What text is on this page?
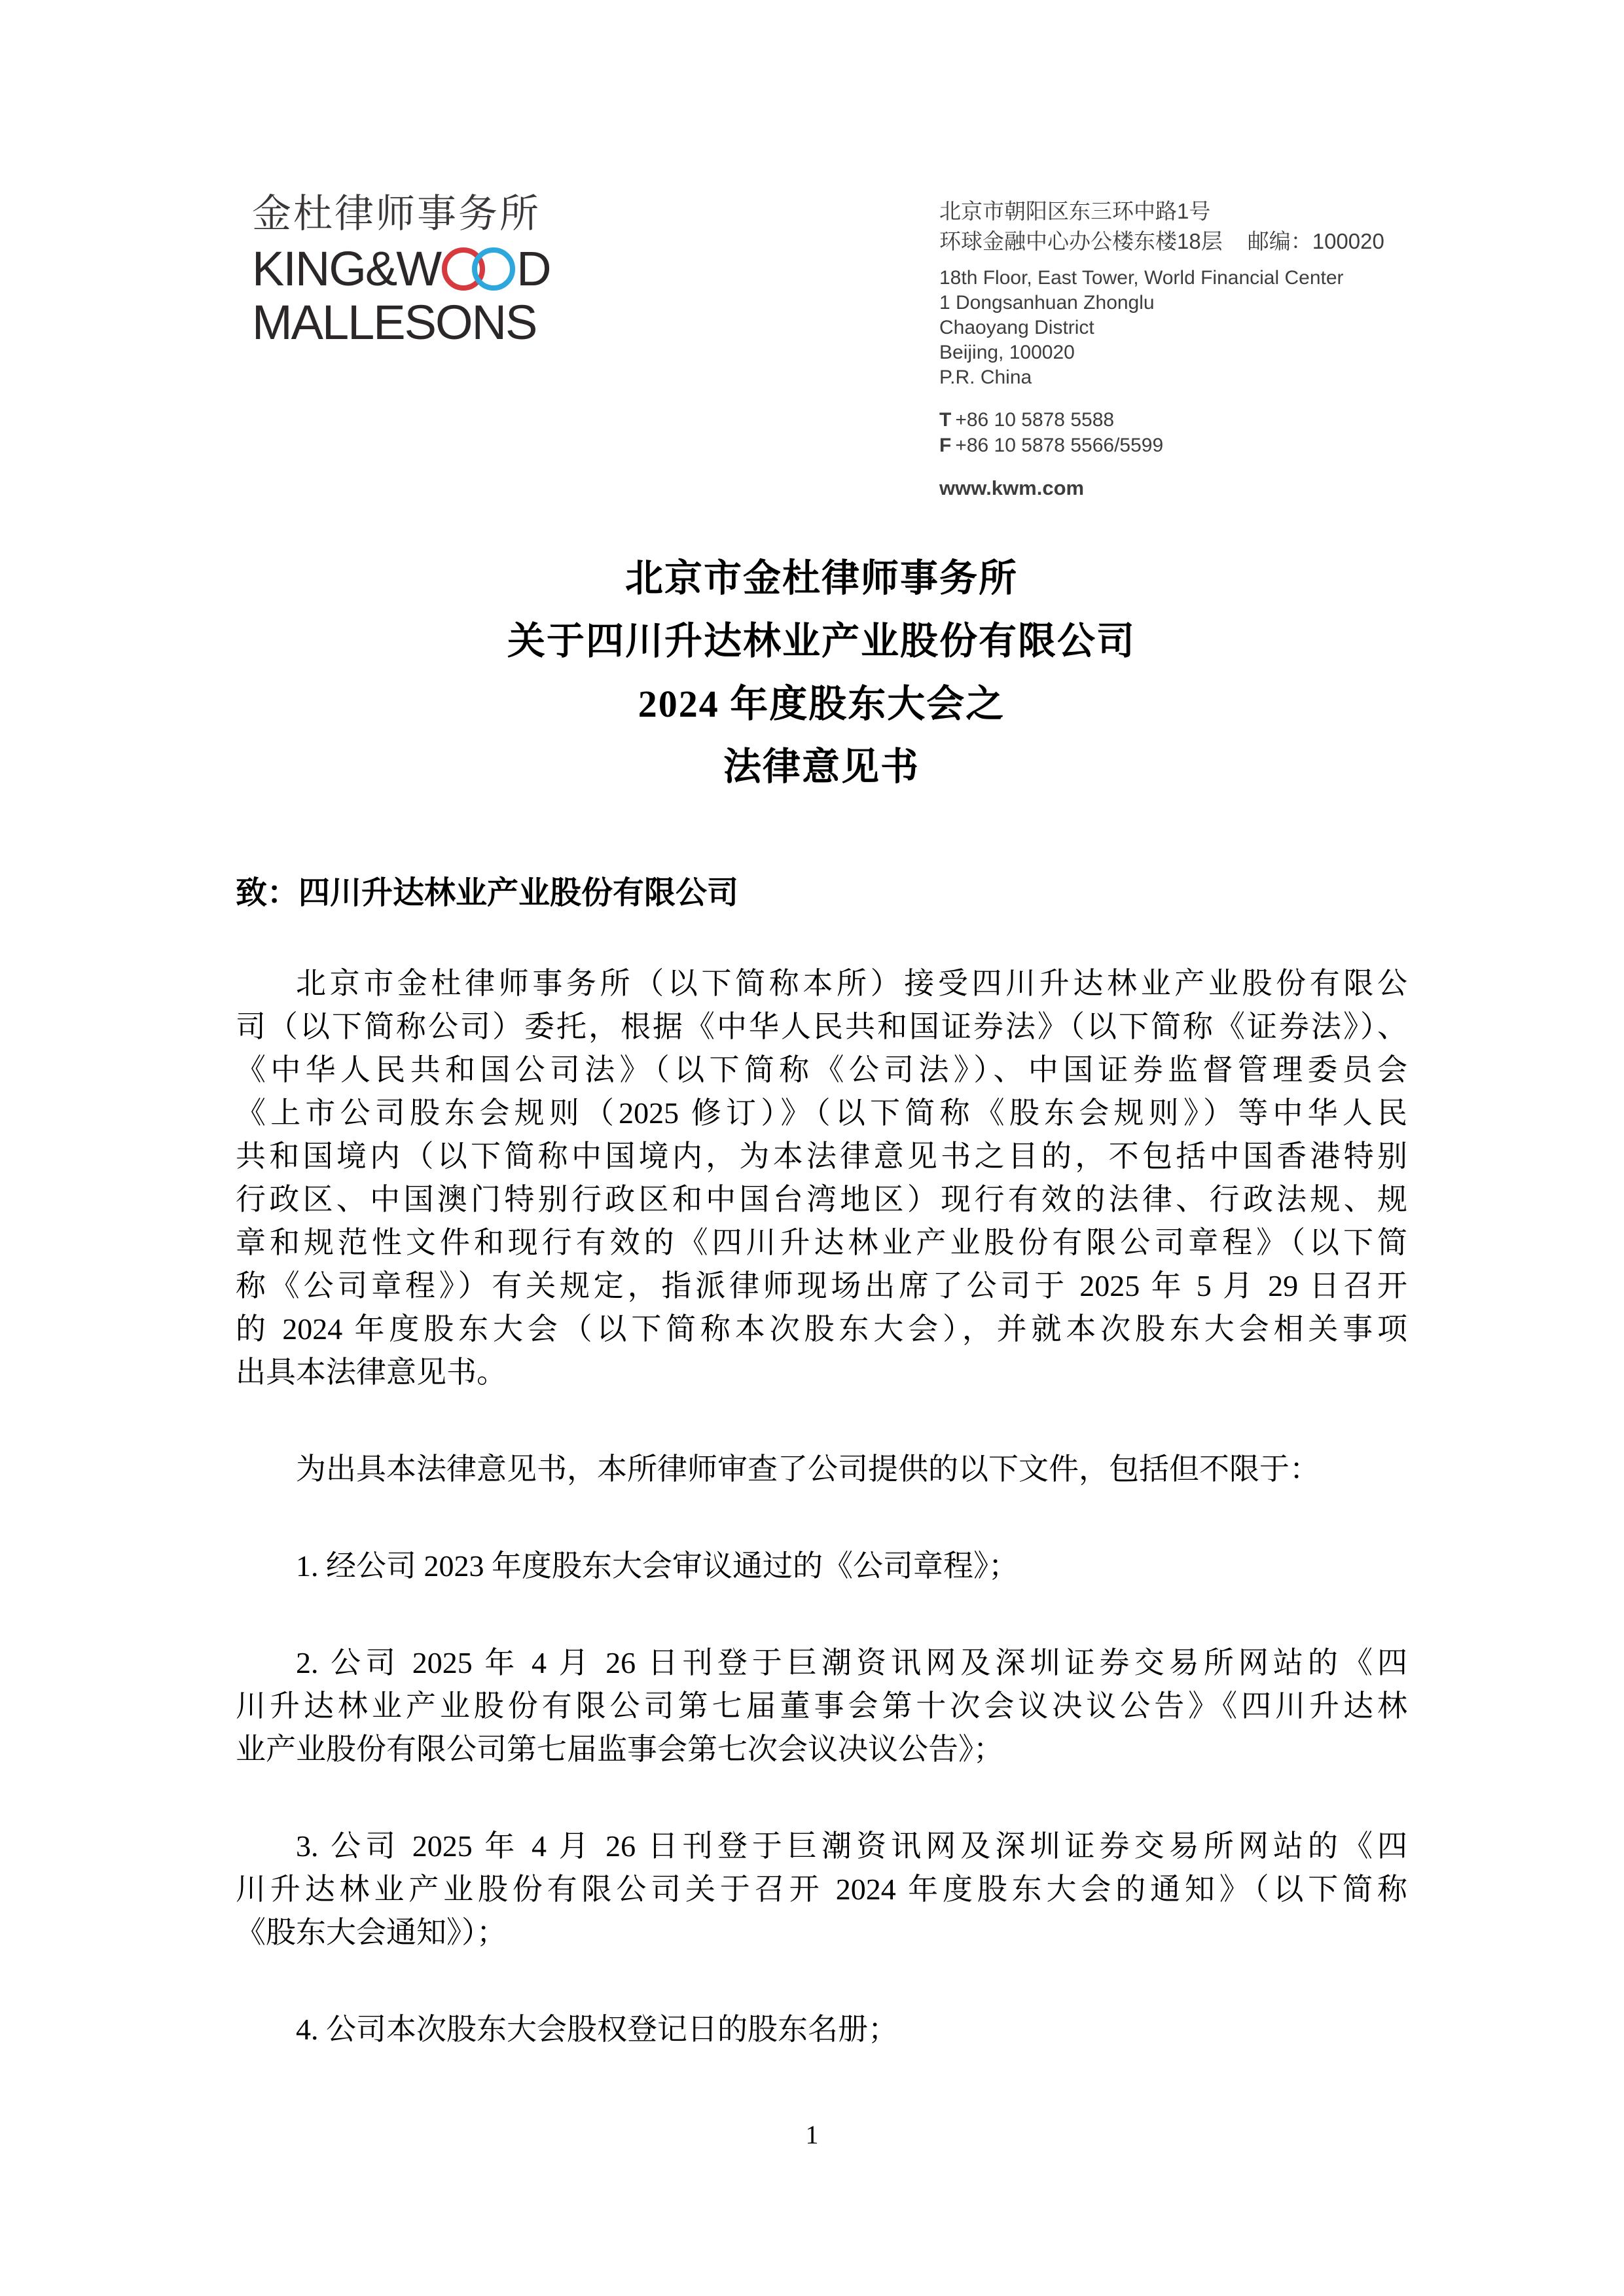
金杜律师事务所
KING&W D
MALLESONS
北京市朝阳区东三环中路1号
环球金融中心办公楼东楼18层 邮编：100020
18th Floor, East Tower, World Financial Center
1 Dongsanhuan Zhonglu
Chaoyang District
Beijing, 100020
P.R. China
T +86 10 5878 5588
F +86 10 5878 5566/5599
www.kwm.com
北京市金杜律师事务所
关于四川升达林业产业股份有限公司
2024 年度股东大会之
法律意见书
致：四川升达林业产业股份有限公司
北京市金杜律师事务所（以下简称本所）接受四川升达林业产业股份有限公
司（以下简称公司）委托，根据《中华人民共和国证券法》（以下简称《证券法》）、
《中华人民共和国公司法》（以下简称《公司法》）、中国证券监督管理委员会
《上市公司股东会规则（2025 修订）》（以下简称《股东会规则》）等中华人民
共和国境内（以下简称中国境内，为本法律意见书之目的，不包括中国香港特别
行政区、中国澳门特别行政区和中国台湾地区）现行有效的法律、行政法规、规
章和规范性文件和现行有效的《四川升达林业产业股份有限公司章程》（以下简
称《公司章程》）有关规定，指派律师现场出席了公司于 2025 年 5 月 29 日召开
的 2024 年度股东大会（以下简称本次股东大会），并就本次股东大会相关事项
出具本法律意见书。
为出具本法律意见书，本所律师审查了公司提供的以下文件，包括但不限于：
1. 经公司 2023 年度股东大会审议通过的《公司章程》；
2. 公司 2025 年 4 月 26 日刊登于巨潮资讯网及深圳证券交易所网站的《四
川升达林业产业股份有限公司第七届董事会第十次会议决议公告》《四川升达林
业产业股份有限公司第七届监事会第七次会议决议公告》；
3. 公司 2025 年 4 月 26 日刊登于巨潮资讯网及深圳证券交易所网站的《四
川升达林业产业股份有限公司关于召开 2024 年度股东大会的通知》（以下简称
《股东大会通知》）；
4. 公司本次股东大会股权登记日的股东名册；
1
